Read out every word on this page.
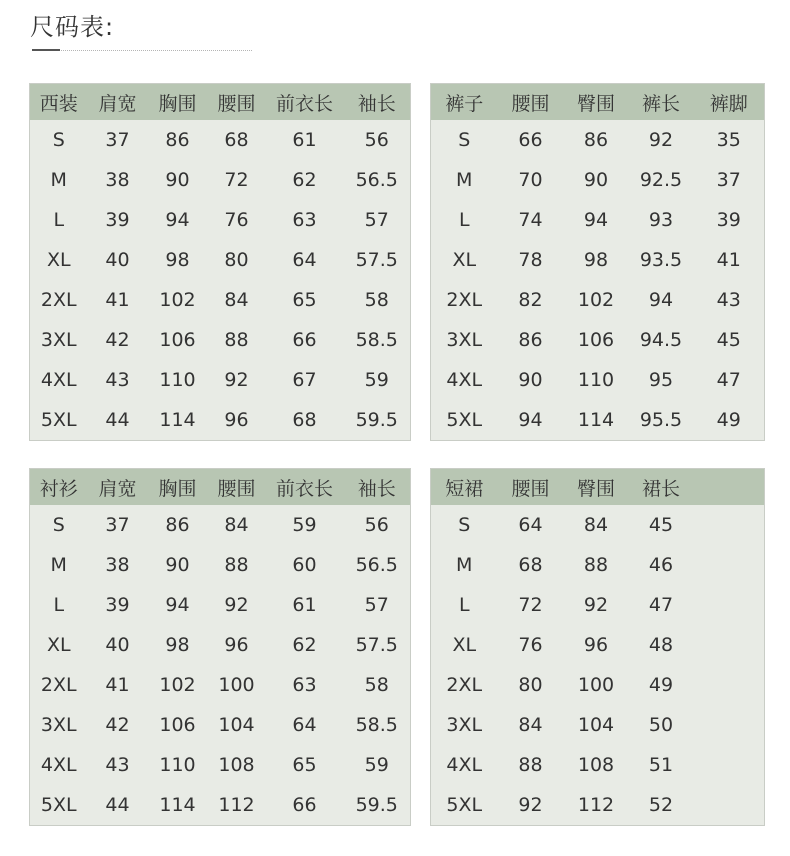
尺码表:
西装	肩宽	胸围	腰围	前衣长	袖长
S	37	86	68	61	56
M	38	90	72	62	56.5
L	39	94	76	63	57
XL	40	98	80	64	57.5
2XL	41	102	84	65	58
3XL	42	106	88	66	58.5
4XL	43	110	92	67	59
5XL	44	114	96	68	59.5
裤子	腰围	臀围	裤长	裤脚
S	66	86	92	35
M	70	90	92.5	37
L	74	94	93	39
XL	78	98	93.5	41
2XL	82	102	94	43
3XL	86	106	94.5	45
4XL	90	110	95	47
5XL	94	114	95.5	49
衬衫	肩宽	胸围	腰围	前衣长	袖长
S	37	86	84	59	56
M	38	90	88	60	56.5
L	39	94	92	61	57
XL	40	98	96	62	57.5
2XL	41	102	100	63	58
3XL	42	106	104	64	58.5
4XL	43	110	108	65	59
5XL	44	114	112	66	59.5
短裙	腰围	臀围	裙长	
S	64	84	45	
M	68	88	46	
L	72	92	47	
XL	76	96	48	
2XL	80	100	49	
3XL	84	104	50	
4XL	88	108	51	
5XL	92	112	52	
